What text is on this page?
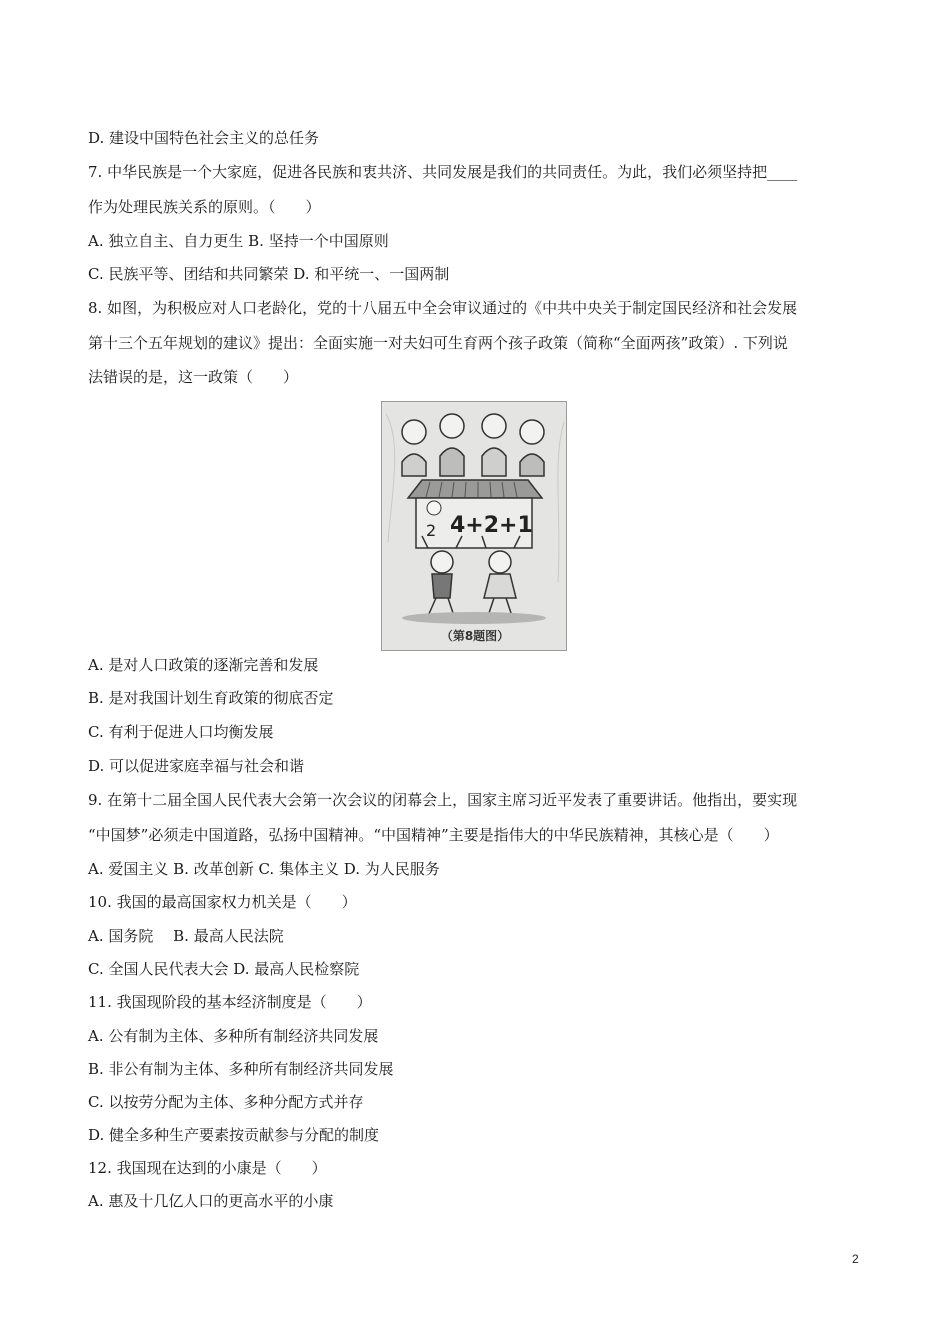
D. 建设中国特色社会主义的总任务
7. 中华民族是一个大家庭，促进各民族和衷共济、共同发展是我们的共同责任。为此，我们必须坚持把____
作为处理民族关系的原则。（　　）
A. 独立自主、自力更生 B. 坚持一个中国原则
C. 民族平等、团结和共同繁荣 D. 和平统一、一国两制
8. 如图，为积极应对人口老龄化，党的十八届五中全会审议通过的《中共中央关于制定国民经济和社会发展
第十三个五年规划的建议》提出：全面实施一对夫妇可生育两个孩子政策（简称“全面两孩”政策）. 下列说
法错误的是，这一政策（　　）
2 4+2+1
（第8题图）
A. 是对人口政策的逐渐完善和发展
B. 是对我国计划生育政策的彻底否定
C. 有利于促进人口均衡发展
D. 可以促进家庭幸福与社会和谐
9. 在第十二届全国人民代表大会第一次会议的闭幕会上，国家主席习近平发表了重要讲话。他指出，要实现
“中国梦”必须走中国道路，弘扬中国精神。“中国精神”主要是指伟大的中华民族精神，其核心是（　　）
A. 爱国主义 B. 改革创新 C. 集体主义 D. 为人民服务
10. 我国的最高国家权力机关是（　　）
A. 国务院　 B. 最高人民法院
C. 全国人民代表大会 D. 最高人民检察院
11. 我国现阶段的基本经济制度是（　　）
A. 公有制为主体、多种所有制经济共同发展
B. 非公有制为主体、多种所有制经济共同发展
C. 以按劳分配为主体、多种分配方式并存
D. 健全多种生产要素按贡献参与分配的制度
12. 我国现在达到的小康是（　　）
A. 惠及十几亿人口的更高水平的小康
2
